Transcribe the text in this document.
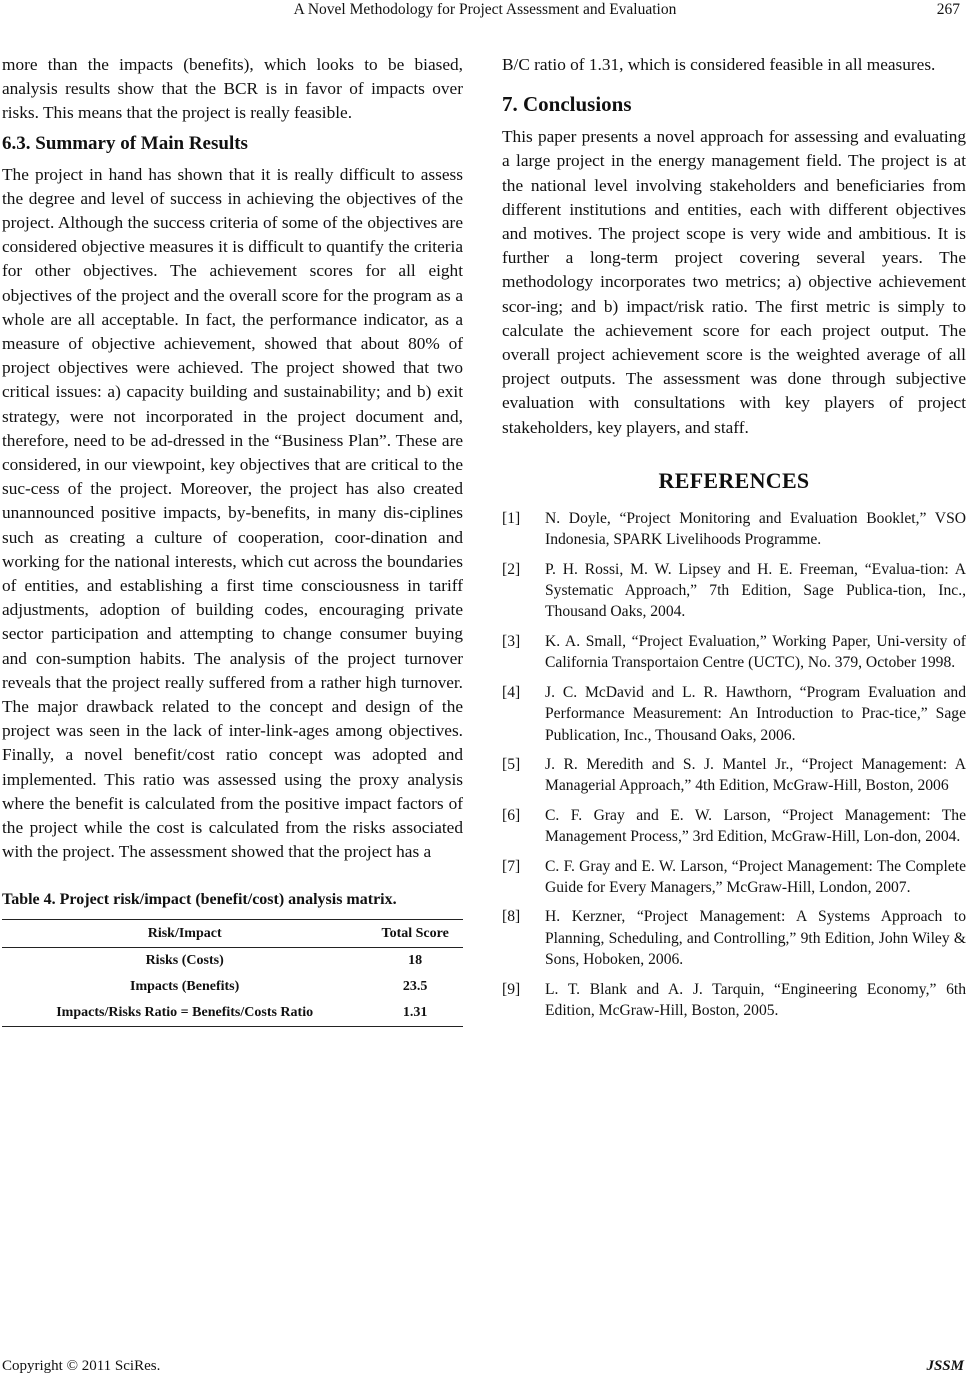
A Novel Methodology for Project Assessment and Evaluation	267

more than the impacts (benefits), which looks to be biased, analysis results show that the BCR is in favor of impacts over risks. This means that the project is really feasible.

6.3. Summary of Main Results

The project in hand has shown that it is really difficult to assess the degree and level of success in achieving the objectives of the project. Although the success criteria of some of the objectives are considered objective measures it is difficult to quantify the criteria for other objectives. The achievement scores for all eight objectives of the project and the overall score for the program as a whole are all acceptable. In fact, the performance indicator, as a measure of objective achievement, showed that about 80% of project objectives were achieved. The project showed that two critical issues: a) capacity building and sustainability; and b) exit strategy, were not incorporated in the project document and, therefore, need to be ad-dressed in the “Business Plan”. These are considered, in our viewpoint, key objectives that are critical to the suc-cess of the project. Moreover, the project has also created unannounced positive impacts, by-benefits, in many dis-ciplines such as creating a culture of cooperation, coor-dination and working for the national interests, which cut across the boundaries of entities, and establishing a first time consciousness in tariff adjustments, adoption of building codes, encouraging private sector participation and attempting to change consumer buying and con-sumption habits. The analysis of the project turnover reveals that the project really suffered from a rather high turnover. The major drawback related to the concept and design of the project was seen in the lack of inter-link-ages among objectives. Finally, a novel benefit/cost ratio concept was adopted and implemented. This ratio was assessed using the proxy analysis where the benefit is calculated from the positive impact factors of the project while the cost is calculated from the risks associated with the project. The assessment showed that the project has a

Table 4. Project risk/impact (benefit/cost) analysis matrix.
Risk/Impact	Total Score
Risks (Costs)	18
Impacts (Benefits)	23.5
Impacts/Risks Ratio = Benefits/Costs Ratio	1.31

B/C ratio of 1.31, which is considered feasible in all measures.

7. Conclusions

This paper presents a novel approach for assessing and evaluating a large project in the energy management field. The project is at the national level involving stakeholders and beneficiaries from different institutions and entities, each with different objectives and motives. The project scope is very wide and ambitious. It is further a long-term project covering several years. The methodology incorporates two metrics; a) objective achievement scor-ing; and b) impact/risk ratio. The first metric is simply to calculate the achievement score for each project output. The overall project achievement score is the weighted average of all project outputs. The assessment was done through subjective evaluation with consultations with key players of project stakeholders, key players, and staff.

REFERENCES
[1]	N. Doyle, “Project Monitoring and Evaluation Booklet,” VSO Indonesia, SPARK Livelihoods Programme.
[2]	P. H. Rossi, M. W. Lipsey and H. E. Freeman, “Evalua-tion: A Systematic Approach,” 7th Edition, Sage Publica-tion, Inc., Thousand Oaks, 2004.
[3]	K. A. Small, “Project Evaluation,” Working Paper, Uni-versity of California Transportaion Centre (UCTC), No. 379, October 1998.
[4]	J. C. McDavid and L. R. Hawthorn, “Program Evaluation and Performance Measurement: An Introduction to Prac-tice,” Sage Publication, Inc., Thousand Oaks, 2006.
[5]	J. R. Meredith and S. J. Mantel Jr., “Project Management: A Managerial Approach,” 4th Edition, McGraw-Hill, Boston, 2006
[6]	C. F. Gray and E. W. Larson, “Project Management: The Management Process,” 3rd Edition, McGraw-Hill, Lon-don, 2004.
[7]	C. F. Gray and E. W. Larson, “Project Management: The Complete Guide for Every Managers,” McGraw-Hill, London, 2007.
[8]	H. Kerzner, “Project Management: A Systems Approach to Planning, Scheduling, and Controlling,” 9th Edition, John Wiley & Sons, Hoboken, 2006.
[9]	L. T. Blank and A. J. Tarquin, “Engineering Economy,” 6th Edition, McGraw-Hill, Boston, 2005.
Copyright © 2011 SciRes.	JSSM
